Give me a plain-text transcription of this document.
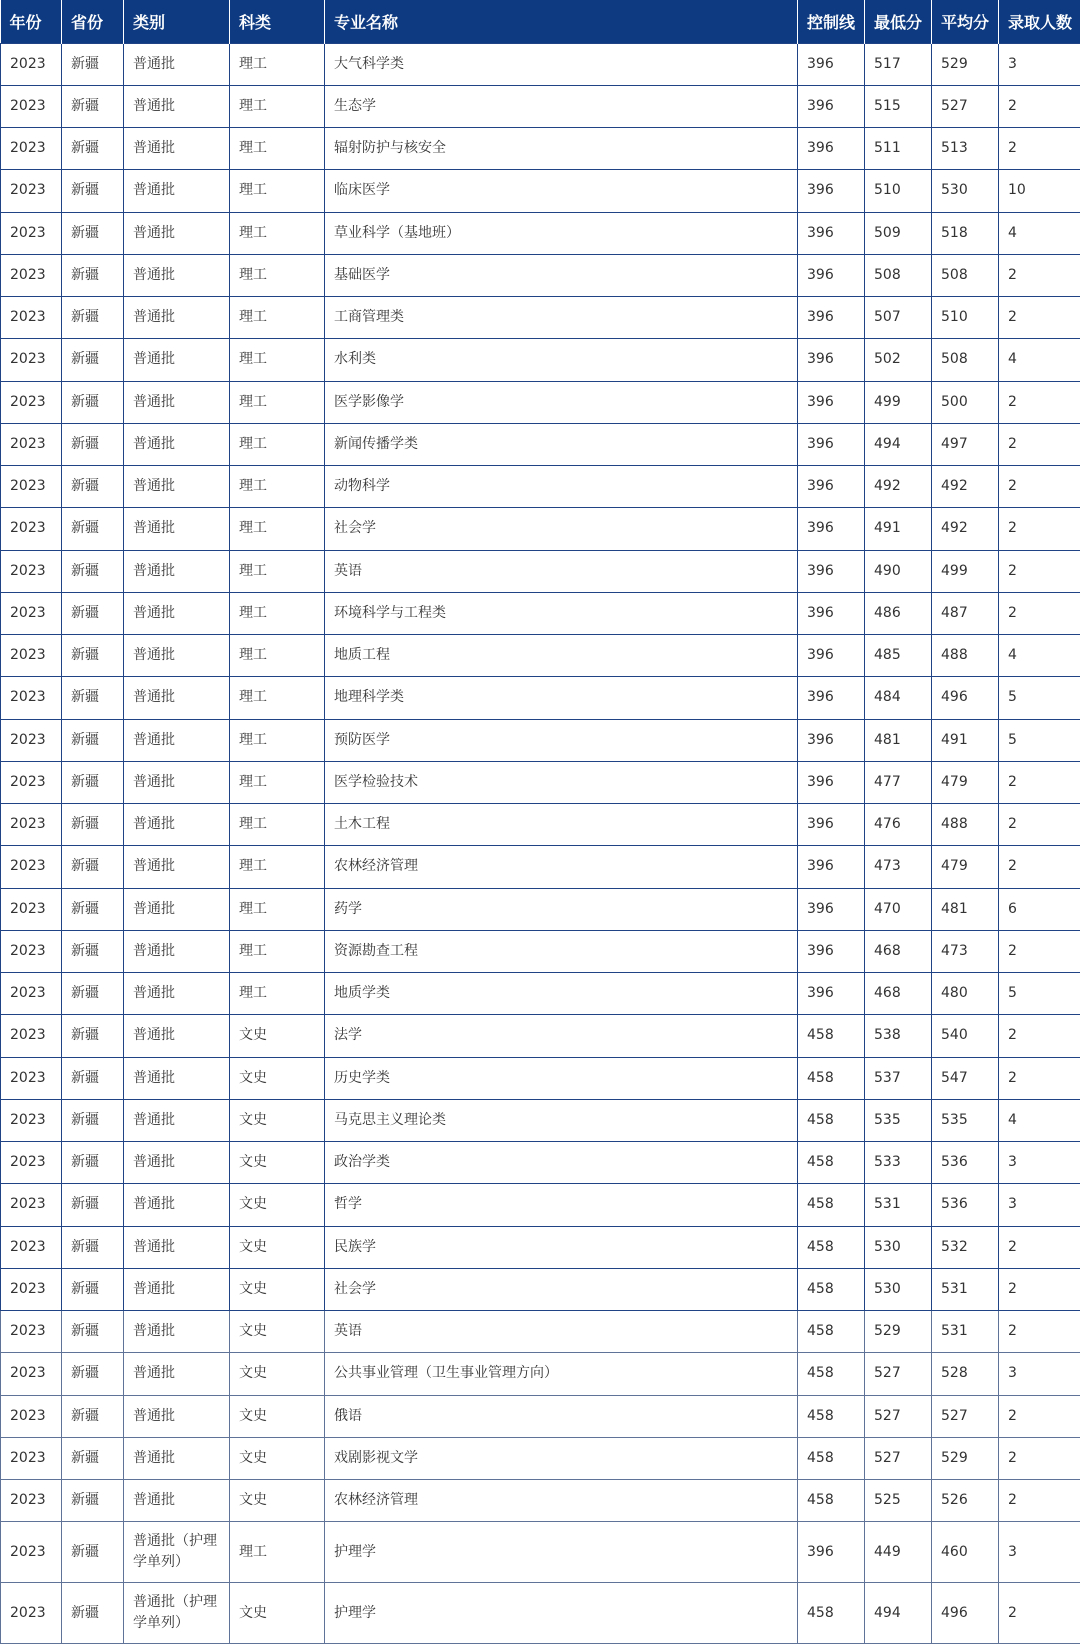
年份	省份	类别	科类	专业名称	控制线	最低分	平均分	录取人数
2023	新疆	普通批	理工	大气科学类	396	517	529	3
2023	新疆	普通批	理工	生态学	396	515	527	2
2023	新疆	普通批	理工	辐射防护与核安全	396	511	513	2
2023	新疆	普通批	理工	临床医学	396	510	530	10
2023	新疆	普通批	理工	草业科学（基地班）	396	509	518	4
2023	新疆	普通批	理工	基础医学	396	508	508	2
2023	新疆	普通批	理工	工商管理类	396	507	510	2
2023	新疆	普通批	理工	水利类	396	502	508	4
2023	新疆	普通批	理工	医学影像学	396	499	500	2
2023	新疆	普通批	理工	新闻传播学类	396	494	497	2
2023	新疆	普通批	理工	动物科学	396	492	492	2
2023	新疆	普通批	理工	社会学	396	491	492	2
2023	新疆	普通批	理工	英语	396	490	499	2
2023	新疆	普通批	理工	环境科学与工程类	396	486	487	2
2023	新疆	普通批	理工	地质工程	396	485	488	4
2023	新疆	普通批	理工	地理科学类	396	484	496	5
2023	新疆	普通批	理工	预防医学	396	481	491	5
2023	新疆	普通批	理工	医学检验技术	396	477	479	2
2023	新疆	普通批	理工	土木工程	396	476	488	2
2023	新疆	普通批	理工	农林经济管理	396	473	479	2
2023	新疆	普通批	理工	药学	396	470	481	6
2023	新疆	普通批	理工	资源勘查工程	396	468	473	2
2023	新疆	普通批	理工	地质学类	396	468	480	5
2023	新疆	普通批	文史	法学	458	538	540	2
2023	新疆	普通批	文史	历史学类	458	537	547	2
2023	新疆	普通批	文史	马克思主义理论类	458	535	535	4
2023	新疆	普通批	文史	政治学类	458	533	536	3
2023	新疆	普通批	文史	哲学	458	531	536	3
2023	新疆	普通批	文史	民族学	458	530	532	2
2023	新疆	普通批	文史	社会学	458	530	531	2
2023	新疆	普通批	文史	英语	458	529	531	2
2023	新疆	普通批	文史	公共事业管理（卫生事业管理方向）	458	527	528	3
2023	新疆	普通批	文史	俄语	458	527	527	2
2023	新疆	普通批	文史	戏剧影视文学	458	527	529	2
2023	新疆	普通批	文史	农林经济管理	458	525	526	2
2023	新疆	普通批（护理学单列）	理工	护理学	396	449	460	3
2023	新疆	普通批（护理学单列）	文史	护理学	458	494	496	2
